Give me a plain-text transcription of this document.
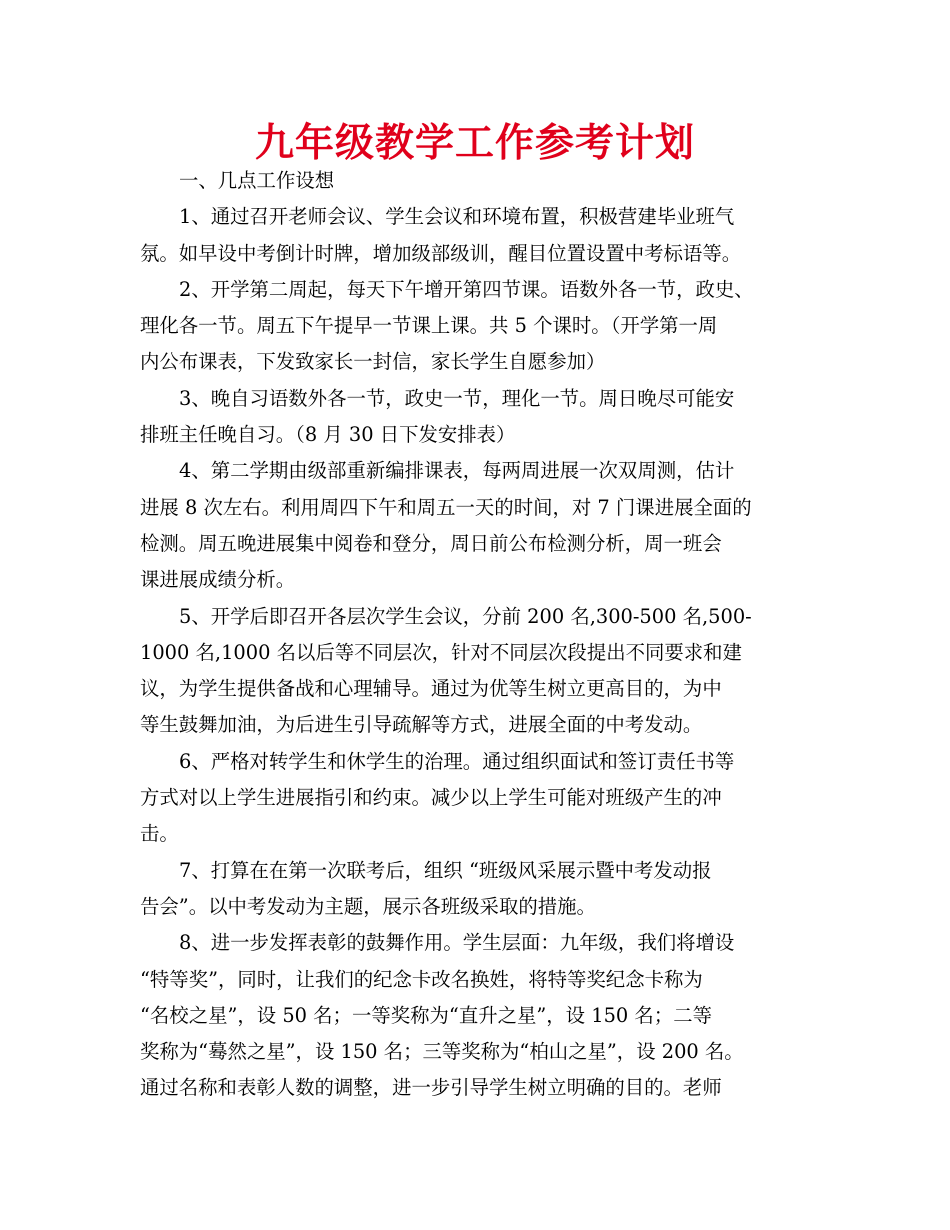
九年级教学工作参考计划
一、几点工作设想
1、通过召开老师会议、学生会议和环境布置，积极营建毕业班气
氛。如早设中考倒计时牌，增加级部级训，醒目位置设置中考标语等。
2、开学第二周起，每天下午增开第四节课。语数外各一节，政史、
理化各一节。周五下午提早一节课上课。共 5 个课时。（开学第一周
内公布课表，下发致家长一封信，家长学生自愿参加）
3、晚自习语数外各一节，政史一节，理化一节。周日晚尽可能安
排班主任晚自习。（8 月 30 日下发安排表）
4、第二学期由级部重新编排课表，每两周进展一次双周测，估计
进展 8 次左右。利用周四下午和周五一天的时间，对 7 门课进展全面的
检测。周五晚进展集中阅卷和登分，周日前公布检测分析，周一班会
课进展成绩分析。
5、开学后即召开各层次学生会议，分前 200 名,300-500 名,500-
1000 名,1000 名以后等不同层次，针对不同层次段提出不同要求和建
议，为学生提供备战和心理辅导。通过为优等生树立更高目的，为中
等生鼓舞加油，为后进生引导疏解等方式，进展全面的中考发动。
6、严格对转学生和休学生的治理。通过组织面试和签订责任书等
方式对以上学生进展指引和约束。减少以上学生可能对班级产生的冲
击。
7、打算在在第一次联考后，组织 “班级风采展示暨中考发动报
告会”。以中考发动为主题，展示各班级采取的措施。
8、进一步发挥表彰的鼓舞作用。学生层面：九年级，我们将增设
“特等奖”，同时，让我们的纪念卡改名换姓，将特等奖纪念卡称为
“名校之星”，设 50 名；一等奖称为“直升之星”，设 150 名；二等
奖称为“蓦然之星”，设 150 名；三等奖称为“柏山之星”，设 200 名。
通过名称和表彰人数的调整，进一步引导学生树立明确的目的。老师
